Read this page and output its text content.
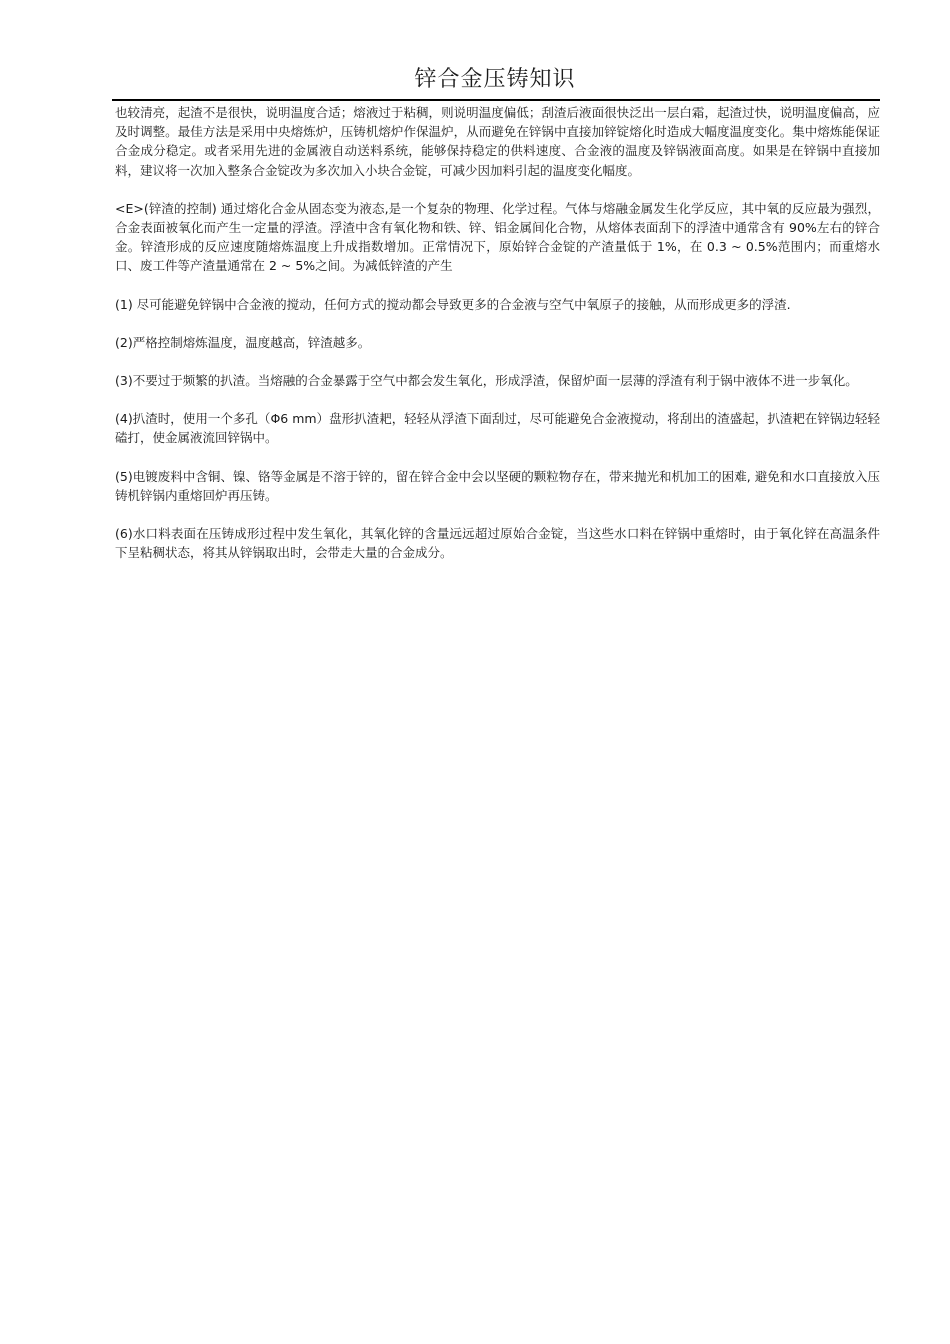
锌合金压铸知识

也较清亮，起渣不是很快，说明温度合适；熔液过于粘稠，则说明温度偏低；刮渣后液面很快泛出一层白霜，起渣过快，说明温度偏高，应及时调整。最佳方法是采用中央熔炼炉，压铸机熔炉作保温炉，从而避免在锌锅中直接加锌锭熔化时造成大幅度温度变化。集中熔炼能保证合金成分稳定。或者采用先进的金属液自动送料系统，能够保持稳定的供料速度、合金液的温度及锌锅液面高度。如果是在锌锅中直接加料，建议将一次加入整条合金锭改为多次加入小块合金锭，可减少因加料引起的温度变化幅度。

<E>(锌渣的控制) 通过熔化合金从固态变为液态,是一个复杂的物理、化学过程。气体与熔融金属发生化学反应，其中氧的反应最为强烈，合金表面被氧化而产生一定量的浮渣。浮渣中含有氧化物和铁、锌、铝金属间化合物，从熔体表面刮下的浮渣中通常含有 90%左右的锌合金。锌渣形成的反应速度随熔炼温度上升成指数增加。正常情况下，原始锌合金锭的产渣量低于 1%，在 0.3 ~ 0.5%范围内；而重熔水口、废工件等产渣量通常在 2 ~ 5%之间。为减低锌渣的产生

(1) 尽可能避免锌锅中合金液的搅动，任何方式的搅动都会导致更多的合金液与空气中氧原子的接触，从而形成更多的浮渣.

(2)严格控制熔炼温度，温度越高，锌渣越多。

(3)不要过于频繁的扒渣。当熔融的合金暴露于空气中都会发生氧化，形成浮渣，保留炉面一层薄的浮渣有利于锅中液体不进一步氧化。

(4)扒渣时，使用一个多孔（Φ6 mm）盘形扒渣耙，轻轻从浮渣下面刮过，尽可能避免合金液搅动，将刮出的渣盛起，扒渣耙在锌锅边轻轻磕打，使金属液流回锌锅中。

(5)电镀废料中含铜、镍、铬等金属是不溶于锌的，留在锌合金中会以坚硬的颗粒物存在，带来抛光和机加工的困难, 避免和水口直接放入压铸机锌锅内重熔回炉再压铸。

(6)水口料表面在压铸成形过程中发生氧化，其氧化锌的含量远远超过原始合金锭，当这些水口料在锌锅中重熔时，由于氧化锌在高温条件下呈粘稠状态，将其从锌锅取出时，会带走大量的合金成分。
